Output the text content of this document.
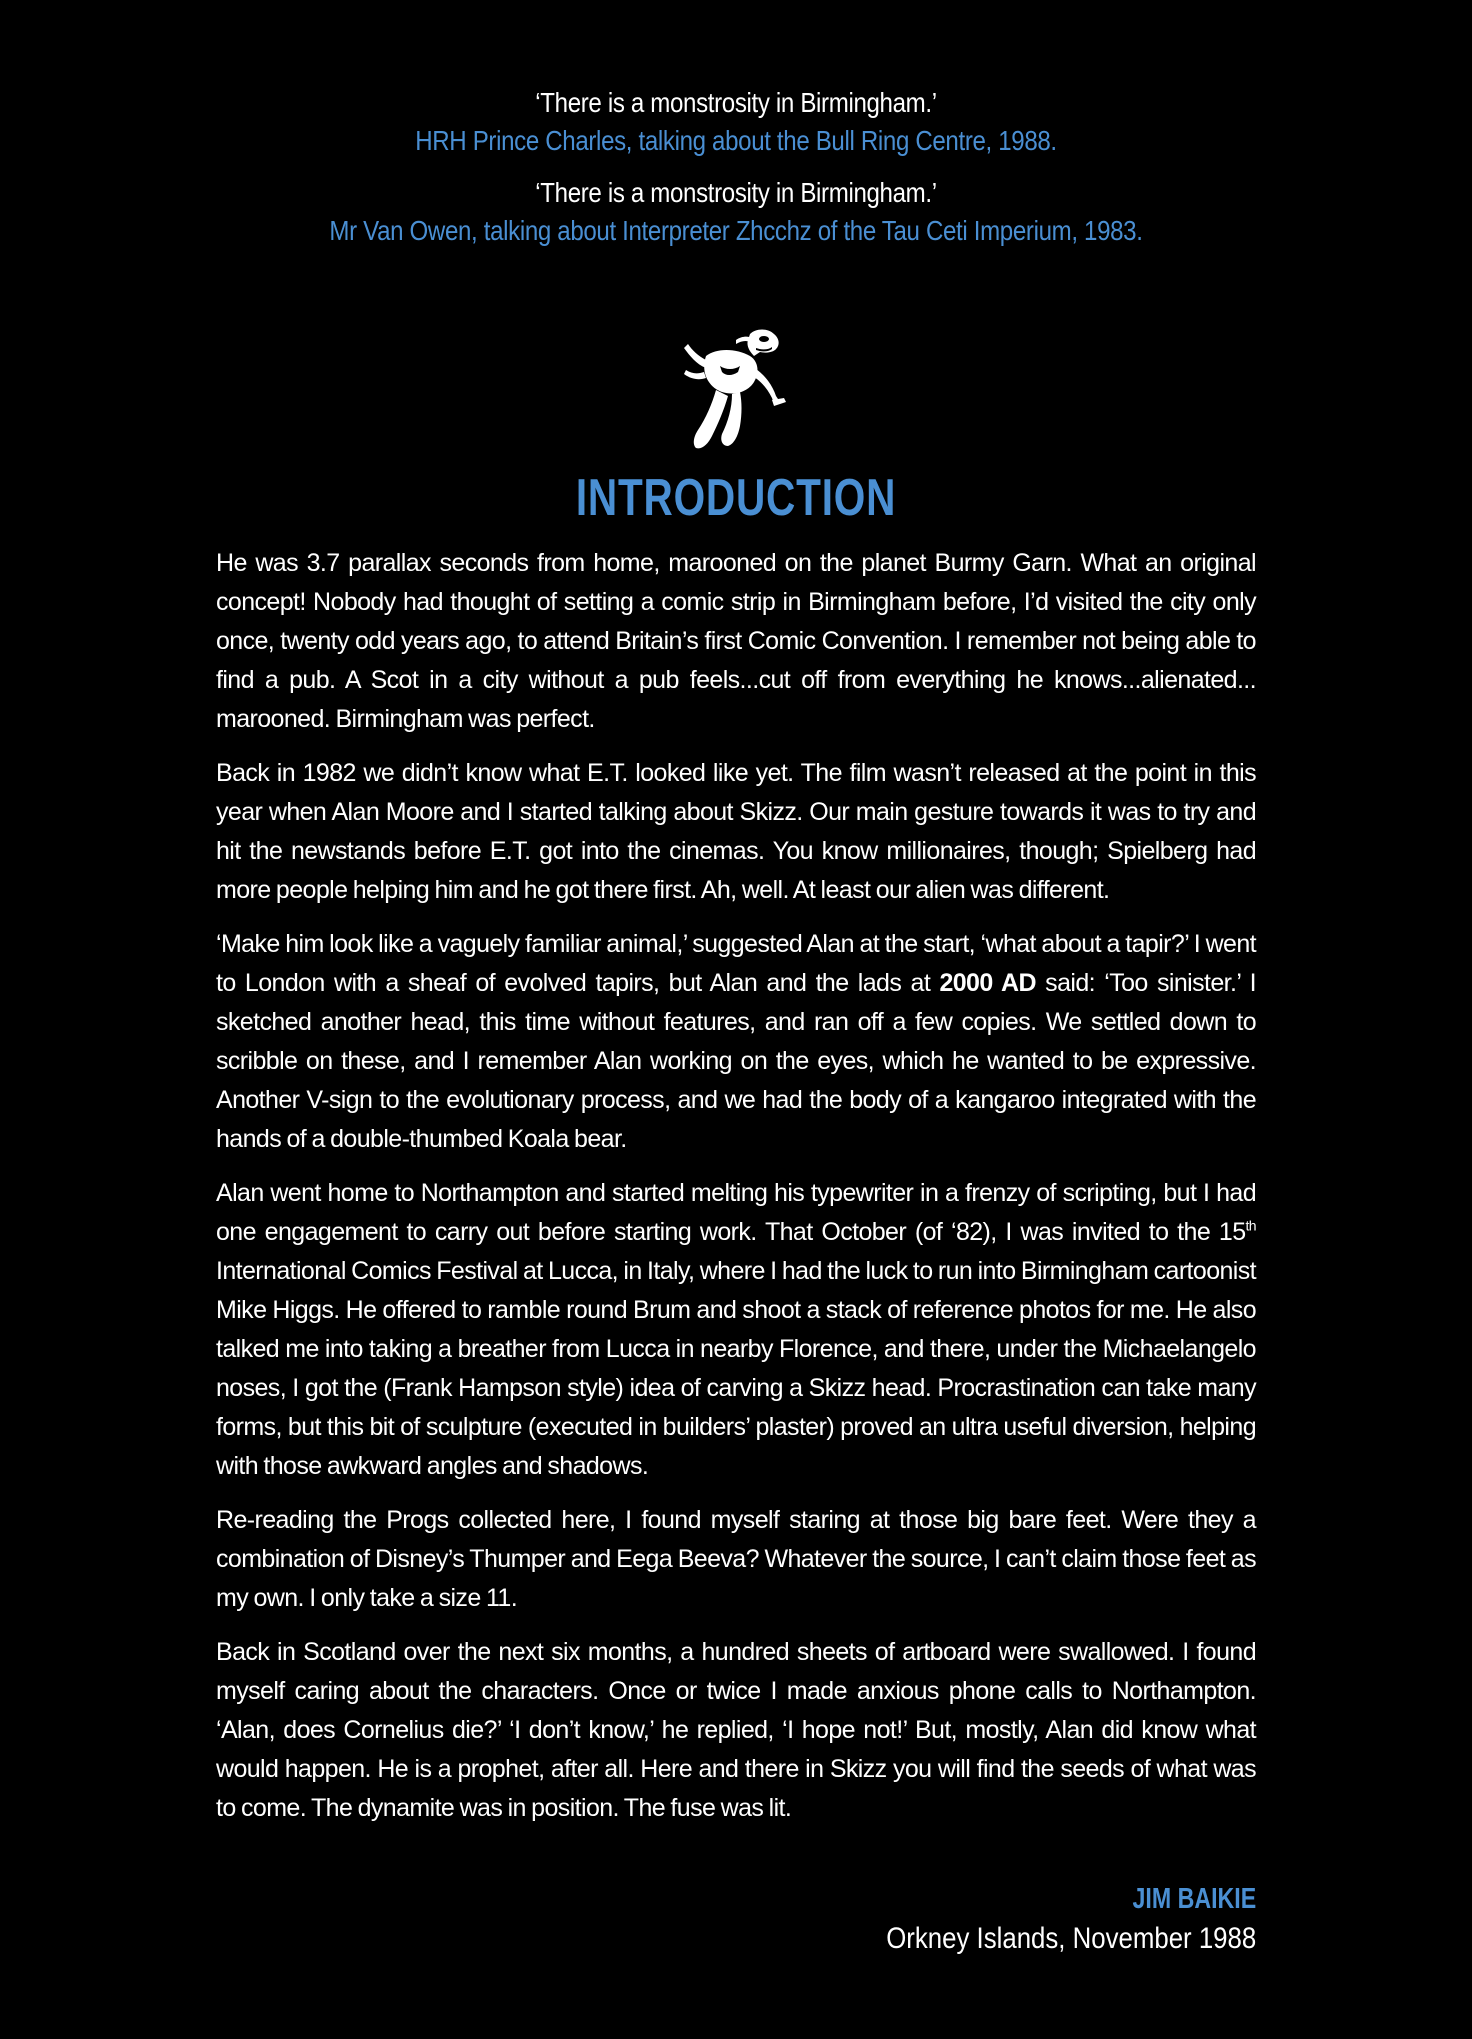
‘There is a monstrosity in Birmingham.’
HRH Prince Charles, talking about the Bull Ring Centre, 1988.
‘There is a monstrosity in Birmingham.’
Mr Van Owen, talking about Interpreter Zhcchz of the Tau Ceti Imperium, 1983.
INTRODUCTION

He was 3.7 parallax seconds from home, marooned on the planet Burmy Garn. What an original concept! Nobody had thought of setting a comic strip in Birmingham before, I’d visited the city only once, twenty odd years ago, to attend Britain’s first Comic Convention. I remember not being able to find a pub. A Scot in a city without a pub feels...cut off from everything he knows...alienated... marooned. Birmingham was perfect.

Back in 1982 we didn’t know what E.T. looked like yet. The film wasn’t released at the point in this year when Alan Moore and I started talking about Skizz. Our main gesture towards it was to try and hit the newstands before E.T. got into the cinemas. You know millionaires, though; Spielberg had more people helping him and he got there first. Ah, well. At least our alien was different.

‘Make him look like a vaguely familiar animal,’ suggested Alan at the start, ‘what about a tapir?’ I went to London with a sheaf of evolved tapirs, but Alan and the lads at 2000 AD said: ‘Too sinister.’ I sketched another head, this time without features, and ran off a few copies. We settled down to scribble on these, and I remember Alan working on the eyes, which he wanted to be expressive. Another V-sign to the evolutionary process, and we had the body of a kangaroo integrated with the hands of a double-thumbed Koala bear.

Alan went home to Northampton and started melting his typewriter in a frenzy of scripting, but I had one engagement to carry out before starting work. That October (of ‘82), I was invited to the 15th International Comics Festival at Lucca, in Italy, where I had the luck to run into Birmingham cartoonist Mike Higgs. He offered to ramble round Brum and shoot a stack of reference photos for me. He also talked me into taking a breather from Lucca in nearby Florence, and there, under the Michaelangelo noses, I got the (Frank Hampson style) idea of carving a Skizz head. Procrastination can take many forms, but this bit of sculpture (executed in builders’ plaster) proved an ultra useful diversion, helping with those awkward angles and shadows.

Re-reading the Progs collected here, I found myself staring at those big bare feet. Were they a combination of Disney’s Thumper and Eega Beeva? Whatever the source, I can’t claim those feet as my own. I only take a size 11.

Back in Scotland over the next six months, a hundred sheets of artboard were swallowed. I found myself caring about the characters. Once or twice I made anxious phone calls to Northampton. ‘Alan, does Cornelius die?’ ‘I don’t know,’ he replied, ‘I hope not!’ But, mostly, Alan did know what would happen. He is a prophet, after all. Here and there in Skizz you will find the seeds of what was to come. The dynamite was in position. The fuse was lit.

JIM BAIKIE
Orkney Islands, November 1988
